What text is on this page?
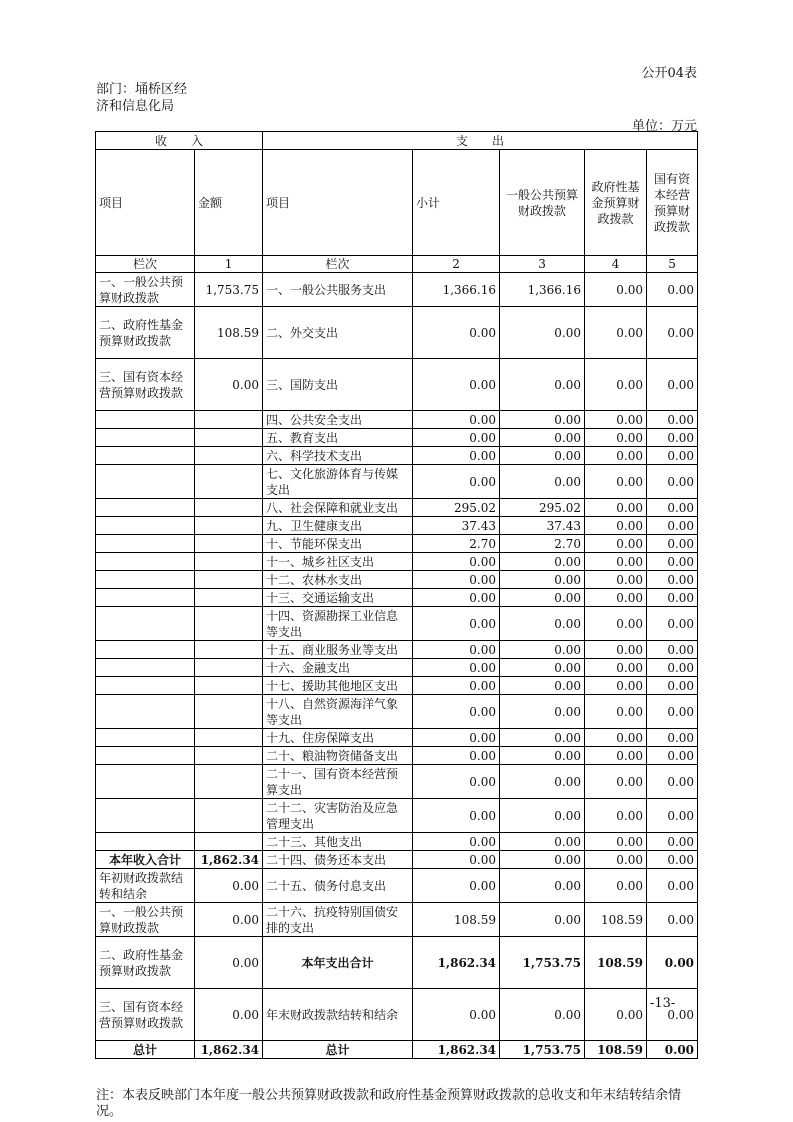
公开04表
部门：埇桥区经济和信息化局
单位：万元
收　　入		支　　出				
项目	金额	项目	小计	一般公共预算财政拨款	政府性基金预算财政拨款	国有资本经营预算财政拨款
栏次	1	栏次	2	3	4	5
一、一般公共预算财政拨款	1,753.75	一、一般公共服务支出	1,366.16	1,366.16	0.00	0.00
二、政府性基金预算财政拨款	108.59	二、外交支出	0.00	0.00	0.00	0.00
三、国有资本经营预算财政拨款	0.00	三、国防支出	0.00	0.00	0.00	0.00
		四、公共安全支出	0.00	0.00	0.00	0.00
		五、教育支出	0.00	0.00	0.00	0.00
		六、科学技术支出	0.00	0.00	0.00	0.00
		七、文化旅游体育与传媒支出	0.00	0.00	0.00	0.00
		八、社会保障和就业支出	295.02	295.02	0.00	0.00
		九、卫生健康支出	37.43	37.43	0.00	0.00
		十、节能环保支出	2.70	2.70	0.00	0.00
		十一、城乡社区支出	0.00	0.00	0.00	0.00
		十二、农林水支出	0.00	0.00	0.00	0.00
		十三、交通运输支出	0.00	0.00	0.00	0.00
		十四、资源勘探工业信息等支出	0.00	0.00	0.00	0.00
		十五、商业服务业等支出	0.00	0.00	0.00	0.00
		十六、金融支出	0.00	0.00	0.00	0.00
		十七、援助其他地区支出	0.00	0.00	0.00	0.00
		十八、自然资源海洋气象等支出	0.00	0.00	0.00	0.00
		十九、住房保障支出	0.00	0.00	0.00	0.00
		二十、粮油物资储备支出	0.00	0.00	0.00	0.00
		二十一、国有资本经营预算支出	0.00	0.00	0.00	0.00
		二十二、灾害防治及应急管理支出	0.00	0.00	0.00	0.00
		二十三、其他支出	0.00	0.00	0.00	0.00
本年收入合计	1,862.34	二十四、债务还本支出	0.00	0.00	0.00	0.00
年初财政拨款结转和结余	0.00	二十五、债务付息支出	0.00	0.00	0.00	0.00
一、一般公共预算财政拨款	0.00	二十六、抗疫特别国债安排的支出	108.59	0.00	108.59	0.00
二、政府性基金预算财政拨款	0.00	本年支出合计	1,862.34	1,753.75	108.59	0.00
三、国有资本经营预算财政拨款	0.00	年末财政拨款结转和结余	0.00	0.00	0.00	0.00
总计	1,862.34	总计	1,862.34	1,753.75	108.59	0.00
-13-
注：本表反映部门本年度一般公共预算财政拨款和政府性基金预算财政拨款的总收支和年末结转结余情况。
